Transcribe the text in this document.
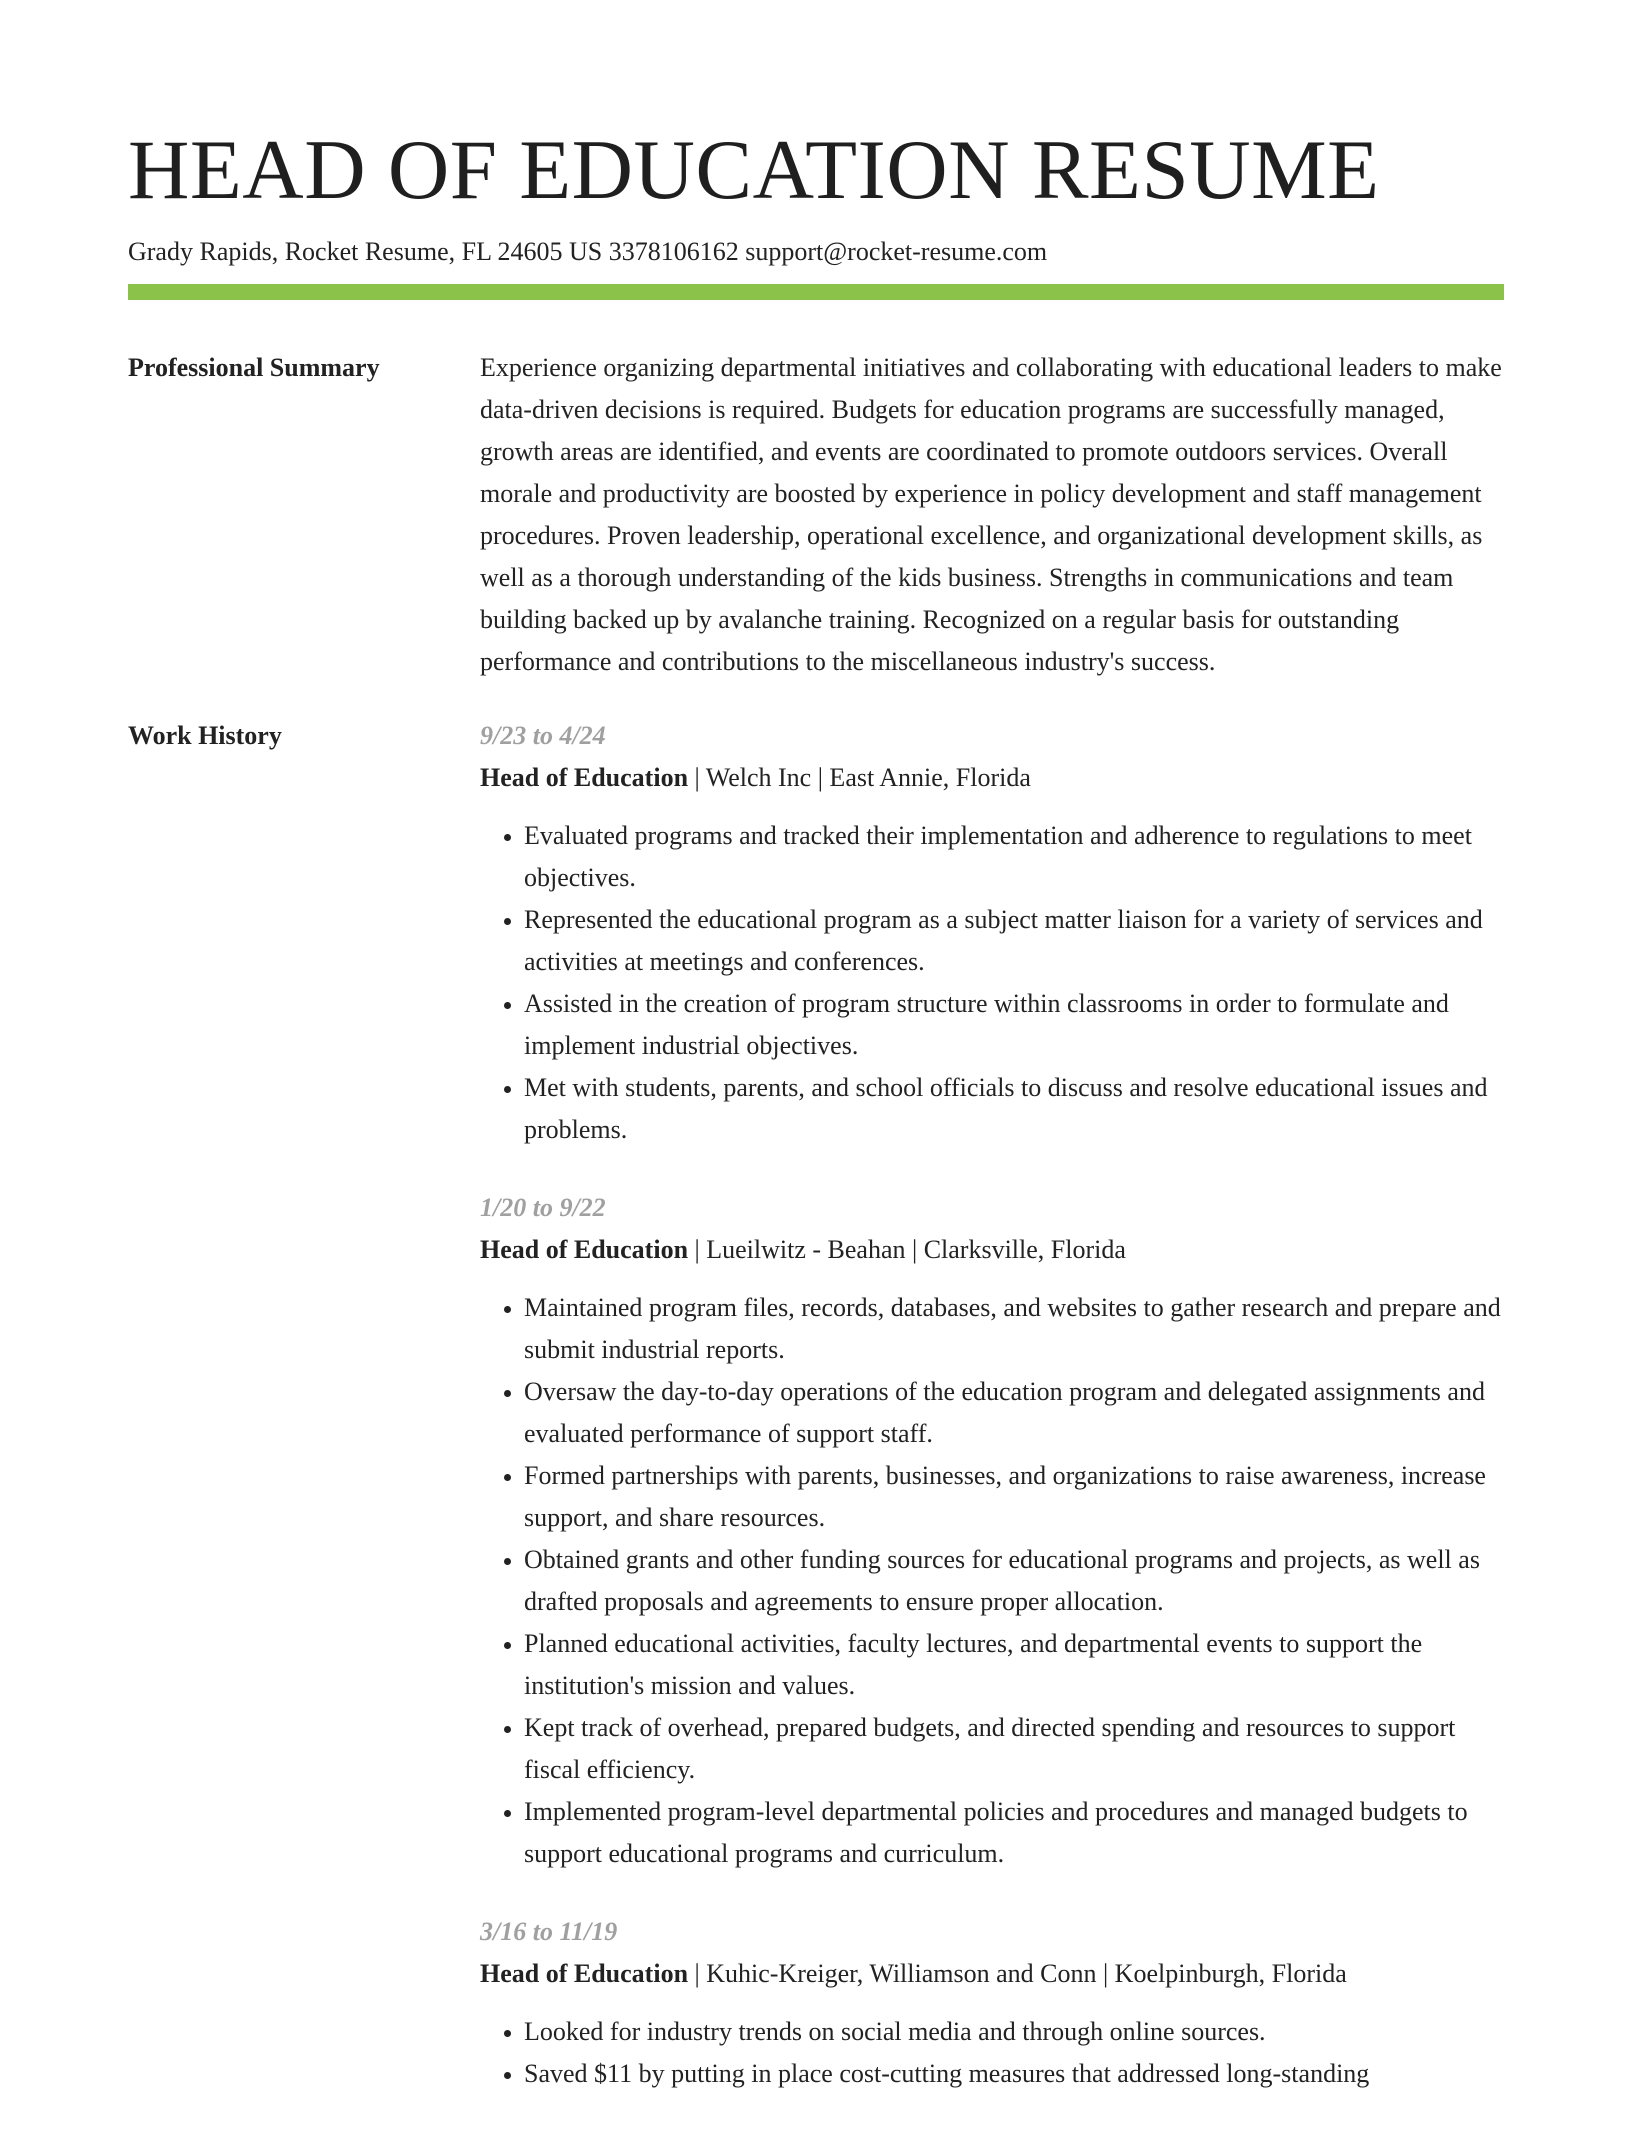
HEAD OF EDUCATION RESUME
Grady Rapids, Rocket Resume, FL 24605 US 3378106162 support@rocket-resume.com
Professional Summary	Experience organizing departmental initiatives and collaborating with educational leaders to make data-driven decisions is required. Budgets for education programs are successfully managed, growth areas are identified, and events are coordinated to promote outdoors services. Overall morale and productivity are boosted by experience in policy development and staff management procedures. Proven leadership, operational excellence, and organizational development skills, as well as a thorough understanding of the kids business. Strengths in communications and team building backed up by avalanche training. Recognized on a regular basis for outstanding performance and contributions to the miscellaneous industry's success.
Work History	9/23 to 4/24
Head of Education | Welch Inc | East Annie, Florida
• Evaluated programs and tracked their implementation and adherence to regulations to meet objectives.
• Represented the educational program as a subject matter liaison for a variety of services and activities at meetings and conferences.
• Assisted in the creation of program structure within classrooms in order to formulate and implement industrial objectives.
• Met with students, parents, and school officials to discuss and resolve educational issues and problems.
1/20 to 9/22
Head of Education | Lueilwitz - Beahan | Clarksville, Florida
• Maintained program files, records, databases, and websites to gather research and prepare and submit industrial reports.
• Oversaw the day-to-day operations of the education program and delegated assignments and evaluated performance of support staff.
• Formed partnerships with parents, businesses, and organizations to raise awareness, increase support, and share resources.
• Obtained grants and other funding sources for educational programs and projects, as well as drafted proposals and agreements to ensure proper allocation.
• Planned educational activities, faculty lectures, and departmental events to support the institution's mission and values.
• Kept track of overhead, prepared budgets, and directed spending and resources to support fiscal efficiency.
• Implemented program-level departmental policies and procedures and managed budgets to support educational programs and curriculum.
3/16 to 11/19
Head of Education | Kuhic-Kreiger, Williamson and Conn | Koelpinburgh, Florida
• Looked for industry trends on social media and through online sources.
• Saved $11 by putting in place cost-cutting measures that addressed long-standing
